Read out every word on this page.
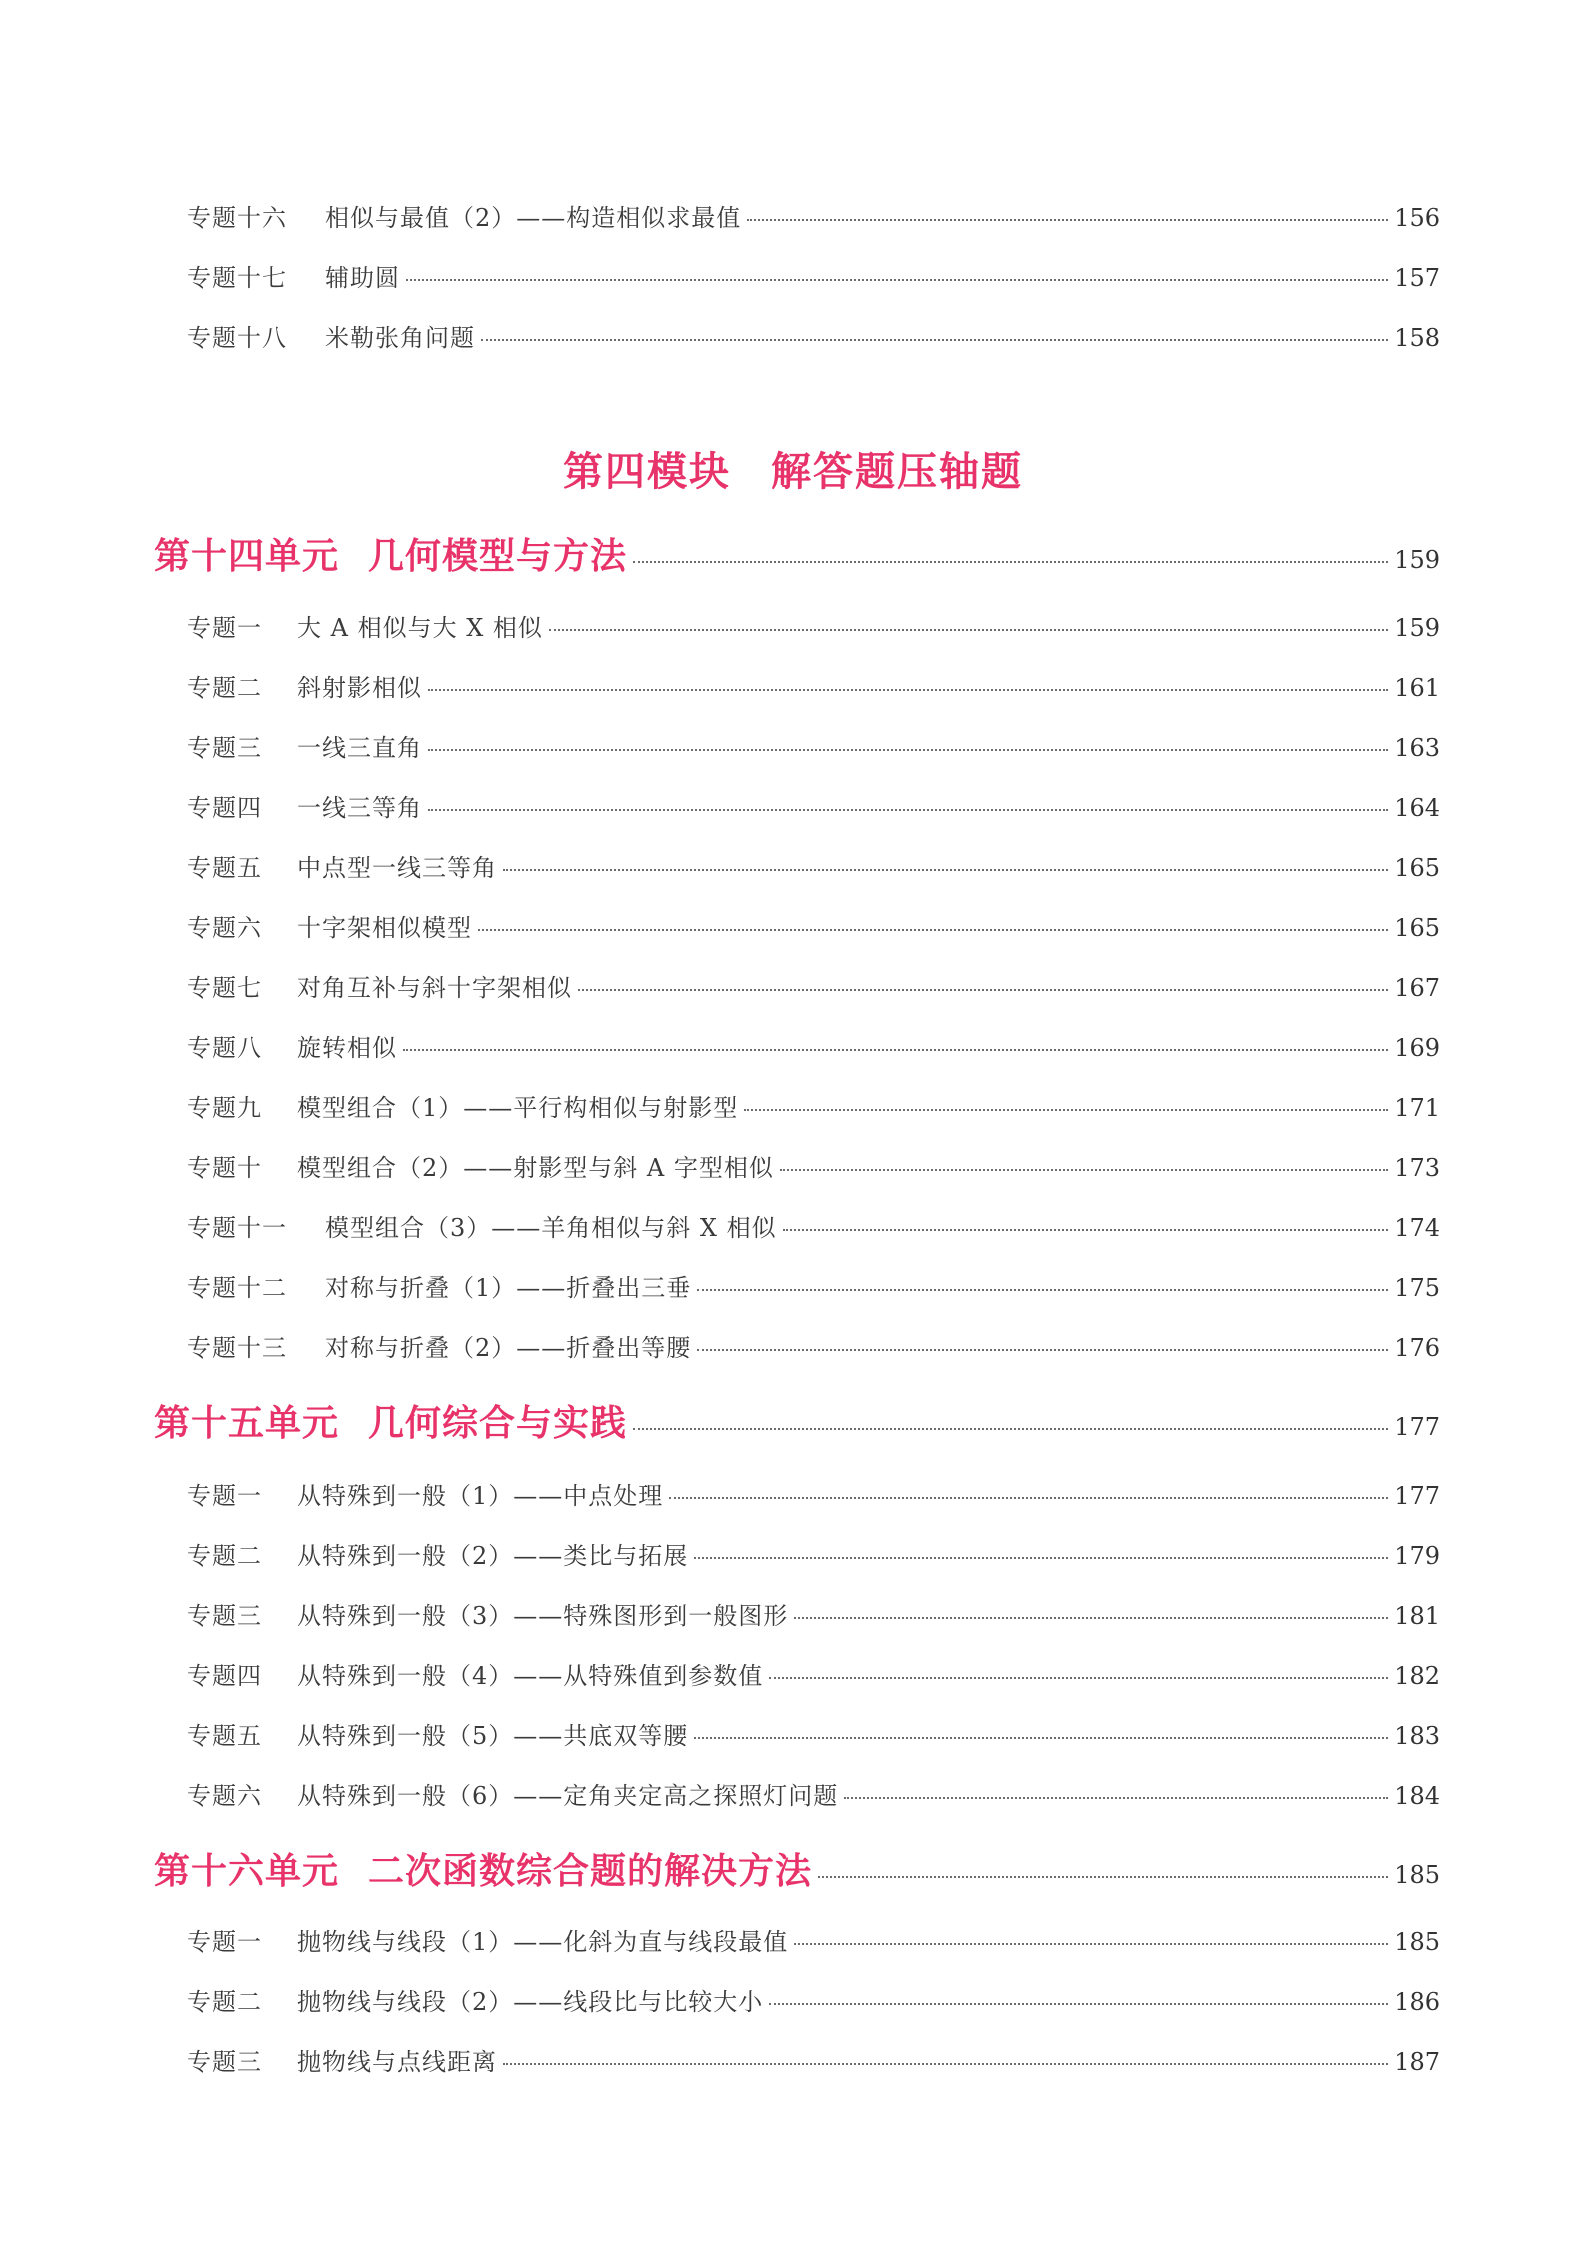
专题十六	相似与最值（2）——构造相似求最值	156
专题十七	辅助圆	157
专题十八	米勒张角问题	158
第四模块 解答题压轴题
第十四单元 几何模型与方法	159
专题一	大 A 相似与大 X 相似	159
专题二	斜射影相似	161
专题三	一线三直角	163
专题四	一线三等角	164
专题五	中点型一线三等角	165
专题六	十字架相似模型	165
专题七	对角互补与斜十字架相似	167
专题八	旋转相似	169
专题九	模型组合（1）——平行构相似与射影型	171
专题十	模型组合（2）——射影型与斜 A 字型相似	173
专题十一	模型组合（3）——羊角相似与斜 X 相似	174
专题十二	对称与折叠（1）——折叠出三垂	175
专题十三	对称与折叠（2）——折叠出等腰	176
第十五单元 几何综合与实践	177
专题一	从特殊到一般（1）——中点处理	177
专题二	从特殊到一般（2）——类比与拓展	179
专题三	从特殊到一般（3）——特殊图形到一般图形	181
专题四	从特殊到一般（4）——从特殊值到参数值	182
专题五	从特殊到一般（5）——共底双等腰	183
专题六	从特殊到一般（6）——定角夹定高之探照灯问题	184
第十六单元 二次函数综合题的解决方法	185
专题一	抛物线与线段（1）——化斜为直与线段最值	185
专题二	抛物线与线段（2）——线段比与比较大小	186
专题三	抛物线与点线距离	187
